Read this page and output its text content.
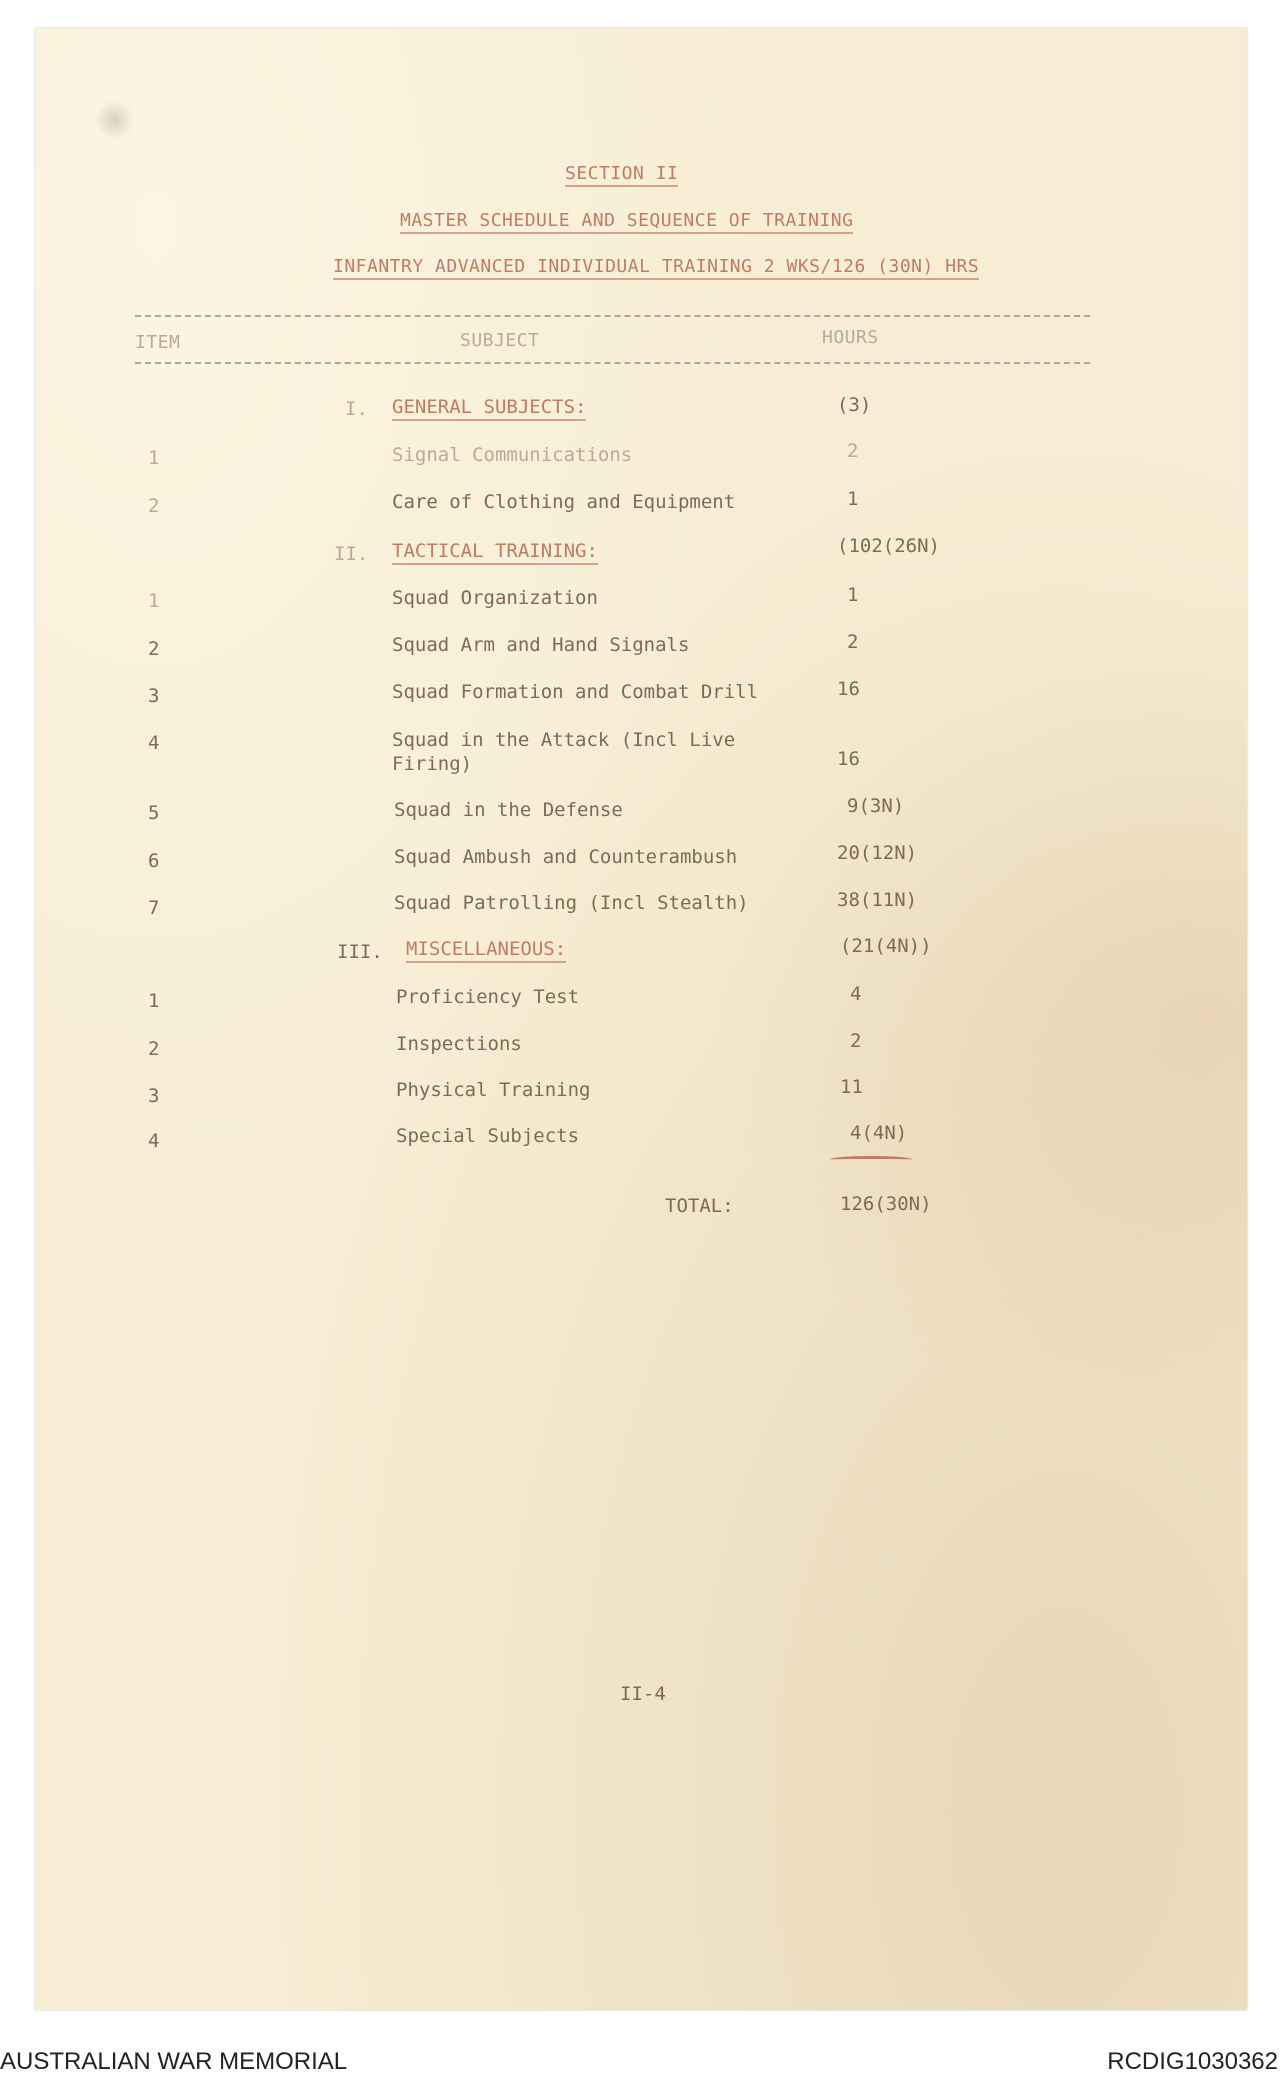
SECTION II
MASTER SCHEDULE AND SEQUENCE OF TRAINING
INFANTRY ADVANCED INDIVIDUAL TRAINING 2 WKS/126 (30N) HRS
ITEM	SUBJECT	HOURS
I. GENERAL SUBJECTS:	(3)
1	Signal Communications	2
2	Care of Clothing and Equipment	1
II. TACTICAL TRAINING:	(102(26N)
1	Squad Organization	1
2	Squad Arm and Hand Signals	2
3	Squad Formation and Combat Drill	16
4	Squad in the Attack (Incl Live
Firing)	16
5	Squad in the Defense	9(3N)
6	Squad Ambush and Counterambush	20(12N)
7	Squad Patrolling (Incl Stealth)	38(11N)
III. MISCELLANEOUS:	(21(4N))
1	Proficiency Test	4
2	Inspections	2
3	Physical Training	11
4	Special Subjects	4(4N)
TOTAL:	126(30N)
II-4
AUSTRALIAN WAR MEMORIAL	RCDIG1030362
